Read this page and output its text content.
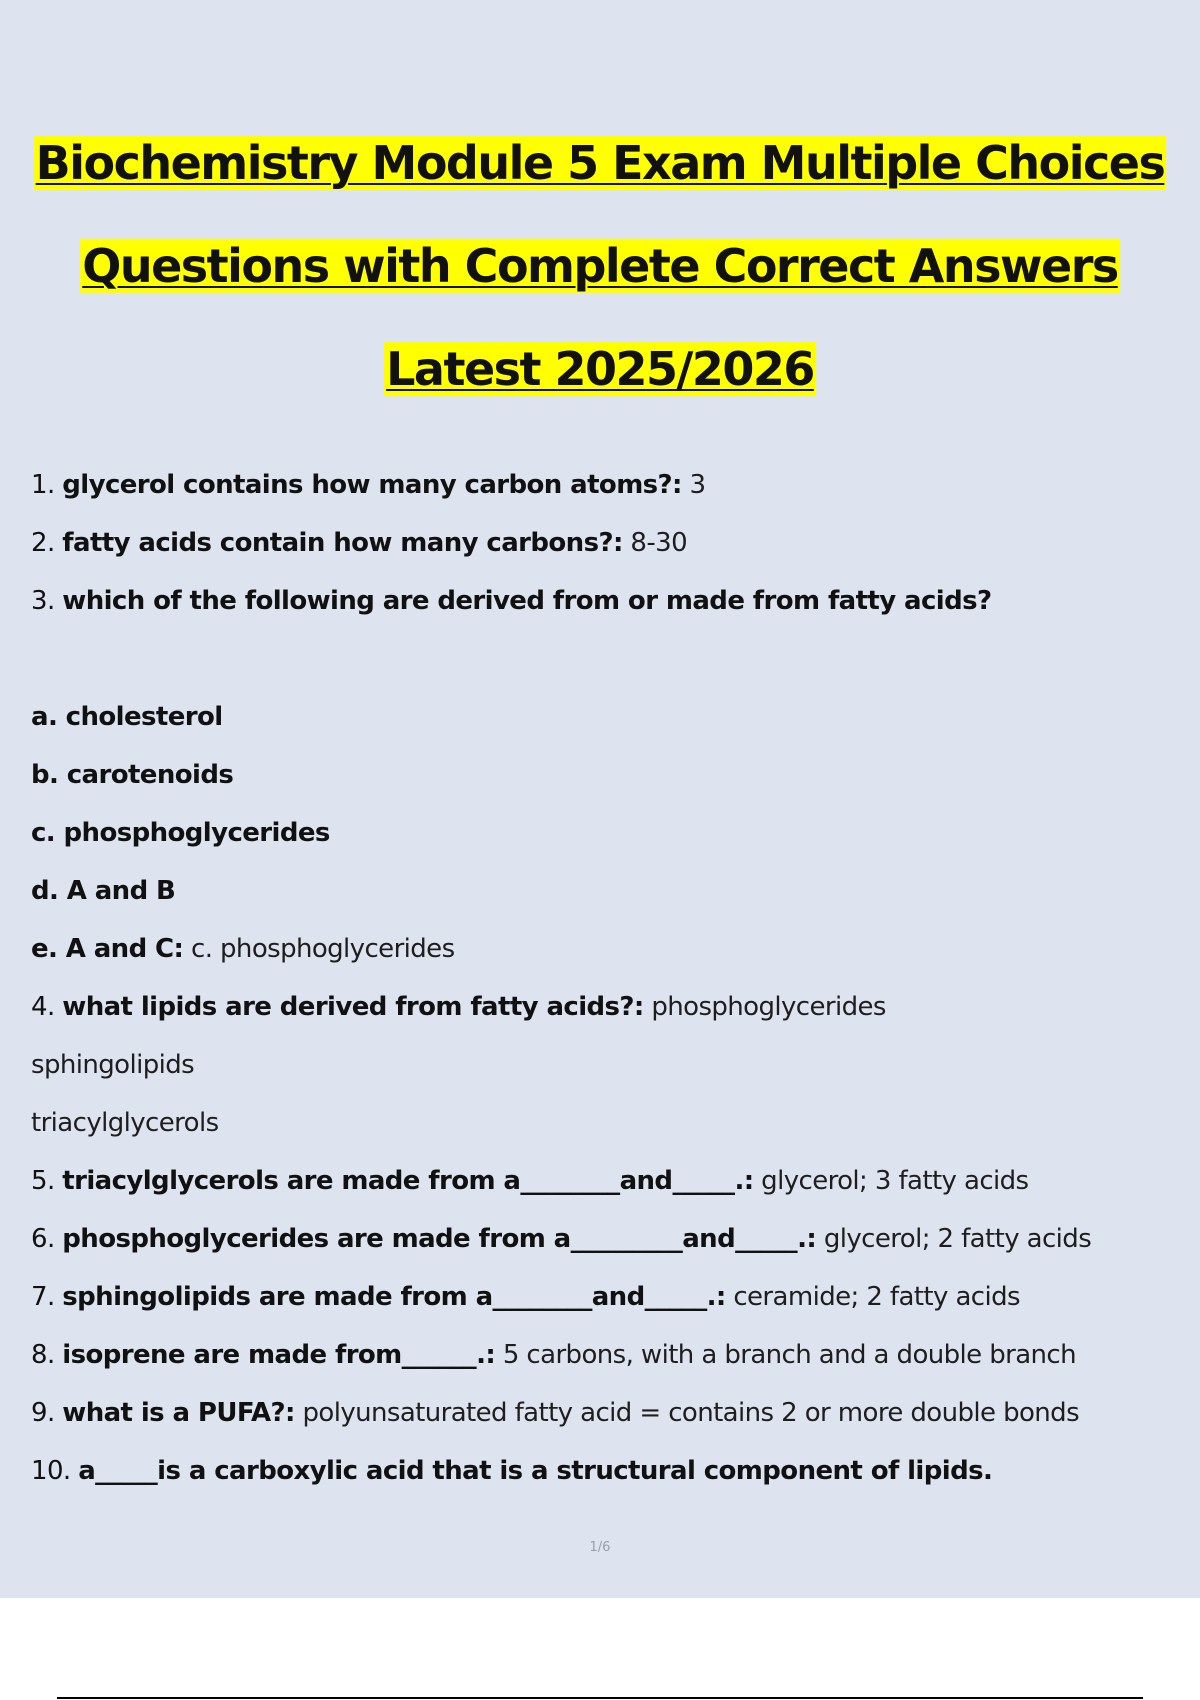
Biochemistry Module 5 Exam Multiple Choices
Questions with Complete Correct Answers
Latest 2025/2026
1. glycerol contains how many carbon atoms?: 3
2. fatty acids contain how many carbons?: 8-30
3. which of the following are derived from or made from fatty acids?
a. cholesterol
b. carotenoids
c. phosphoglycerides
d. A and B
e. A and C: c. phosphoglycerides
4. what lipids are derived from fatty acids?: phosphoglycerides
sphingolipids
triacylglycerols
5. triacylglycerols are made from a________and_____.: glycerol; 3 fatty acids
6. phosphoglycerides are made from a_________and_____.: glycerol; 2 fatty acids
7. sphingolipids are made from a________and_____.: ceramide; 2 fatty acids
8. isoprene are made from______.: 5 carbons, with a branch and a double branch
9. what is a PUFA?: polyunsaturated fatty acid = contains 2 or more double bonds
10. a_____is a carboxylic acid that is a structural component of lipids.
1/6
